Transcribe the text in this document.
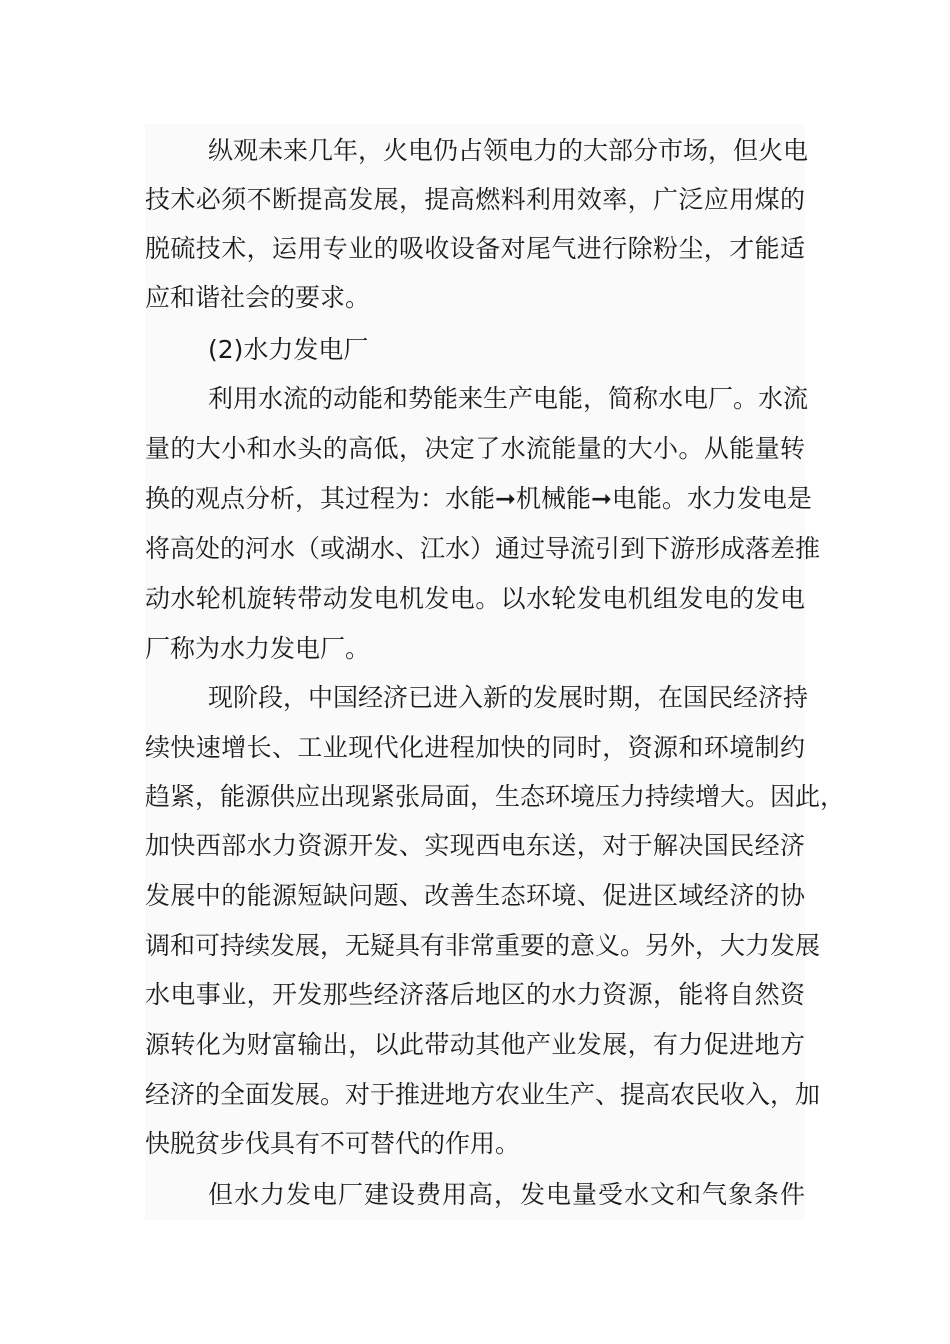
纵观未来几年，火电仍占领电力的大部分市场，但火电
技术必须不断提高发展，提高燃料利用效率，广泛应用煤的
脱硫技术，运用专业的吸收设备对尾气进行除粉尘，才能适
应和谐社会的要求。
(2)水力发电厂
利用水流的动能和势能来生产电能，简称水电厂。水流
量的大小和水头的高低，决定了水流能量的大小。从能量转
换的观点分析，其过程为：水能➞机械能➞电能。水力发电是
将高处的河水（或湖水、江水）通过导流引到下游形成落差推
动水轮机旋转带动发电机发电。以水轮发电机组发电的发电
厂称为水力发电厂。
现阶段，中国经济已进入新的发展时期，在国民经济持
续快速增长、工业现代化进程加快的同时，资源和环境制约
趋紧，能源供应出现紧张局面，生态环境压力持续增大。因此，
加快西部水力资源开发、实现西电东送，对于解决国民经济
发展中的能源短缺问题、改善生态环境、促进区域经济的协
调和可持续发展，无疑具有非常重要的意义。另外，大力发展
水电事业，开发那些经济落后地区的水力资源，能将自然资
源转化为财富输出，以此带动其他产业发展，有力促进地方
经济的全面发展。对于推进地方农业生产、提高农民收入，加
快脱贫步伐具有不可替代的作用。
但水力发电厂建设费用高，发电量受水文和气象条件
